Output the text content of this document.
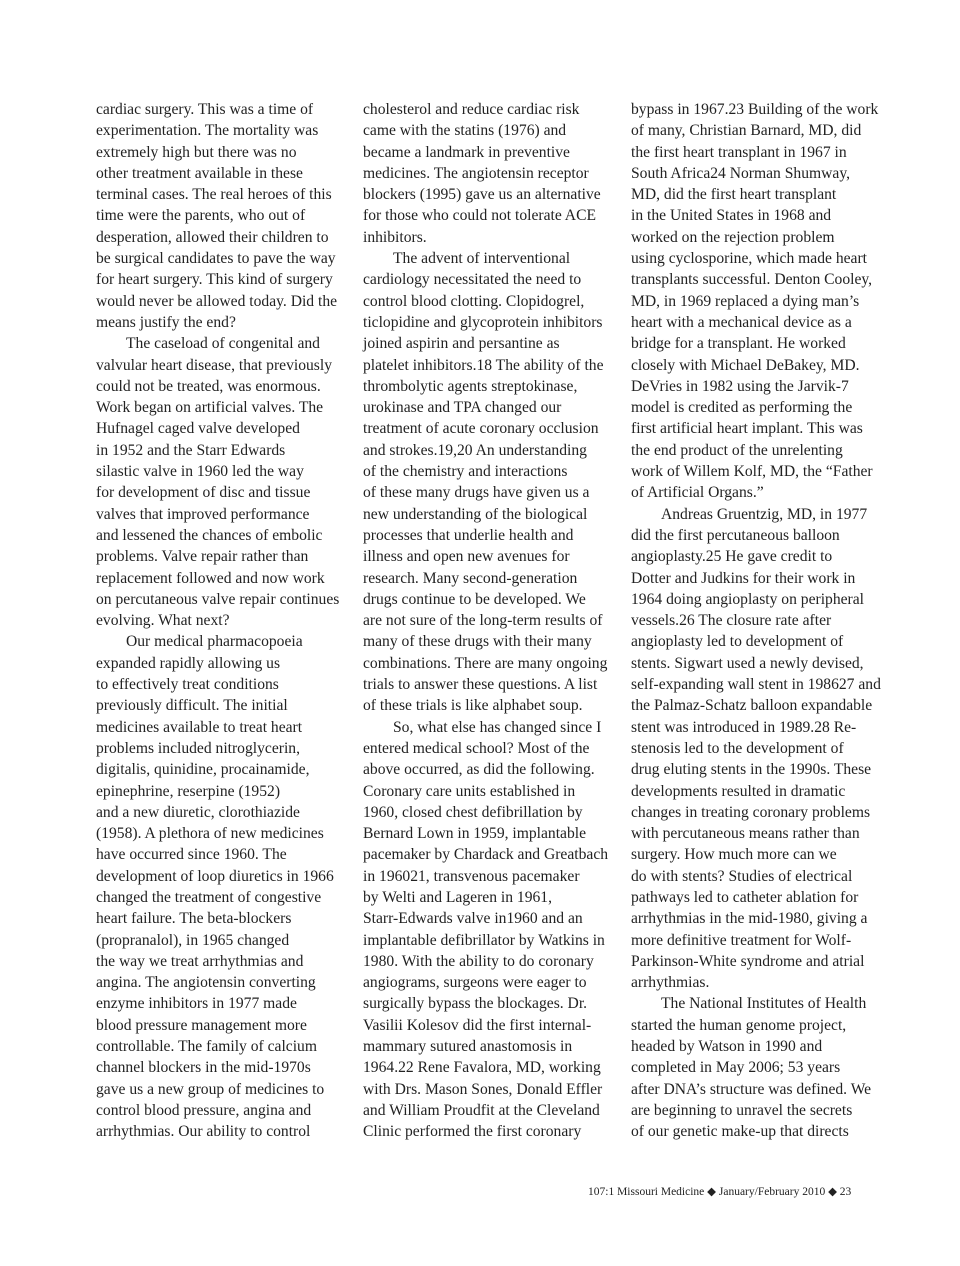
cardiac surgery. This was a time of
experimentation. The mortality was
extremely high but there was no
other treatment available in these
terminal cases. The real heroes of this
time were the parents, who out of
desperation, allowed their children to
be surgical candidates to pave the way
for heart surgery. This kind of surgery
would never be allowed today. Did the
means justify the end?
The caseload of congenital and
valvular heart disease, that previously
could not be treated, was enormous.
Work began on artificial valves. The
Hufnagel caged valve developed
in 1952 and the Starr Edwards
silastic valve in 1960 led the way
for development of disc and tissue
valves that improved performance
and lessened the chances of embolic
problems. Valve repair rather than
replacement followed and now work
on percutaneous valve repair continues
evolving. What next?
Our medical pharmacopoeia
expanded rapidly allowing us
to effectively treat conditions
previously difficult. The initial
medicines available to treat heart
problems included nitroglycerin,
digitalis, quinidine, procainamide,
epinephrine, reserpine (1952)
and a new diuretic, clorothiazide
(1958). A plethora of new medicines
have occurred since 1960. The
development of loop diuretics in 1966
changed the treatment of congestive
heart failure. The beta-blockers
(propranalol), in 1965 changed
the way we treat arrhythmias and
angina. The angiotensin converting
enzyme inhibitors in 1977 made
blood pressure management more
controllable. The family of calcium
channel blockers in the mid-1970s
gave us a new group of medicines to
control blood pressure, angina and
arrhythmias. Our ability to control
cholesterol and reduce cardiac risk
came with the statins (1976) and
became a landmark in preventive
medicines. The angiotensin receptor
blockers (1995) gave us an alternative
for those who could not tolerate ACE
inhibitors.
The advent of interventional
cardiology necessitated the need to
control blood clotting. Clopidogrel,
ticlopidine and glycoprotein inhibitors
joined aspirin and persantine as
platelet inhibitors.18 The ability of the
thrombolytic agents streptokinase,
urokinase and TPA changed our
treatment of acute coronary occlusion
and strokes.19,20 An understanding
of the chemistry and interactions
of these many drugs have given us a
new understanding of the biological
processes that underlie health and
illness and open new avenues for
research. Many second-generation
drugs continue to be developed. We
are not sure of the long-term results of
many of these drugs with their many
combinations. There are many ongoing
trials to answer these questions. A list
of these trials is like alphabet soup.
So, what else has changed since I
entered medical school? Most of the
above occurred, as did the following.
Coronary care units established in
1960, closed chest defibrillation by
Bernard Lown in 1959, implantable
pacemaker by Chardack and Greatbach
in 196021, transvenous pacemaker
by Welti and Lageren in 1961,
Starr-Edwards valve in1960 and an
implantable defibrillator by Watkins in
1980. With the ability to do coronary
angiograms, surgeons were eager to
surgically bypass the blockages. Dr.
Vasilii Kolesov did the first internal-
mammary sutured anastomosis in
1964.22 Rene Favalora, MD, working
with Drs. Mason Sones, Donald Effler
and William Proudfit at the Cleveland
Clinic performed the first coronary
bypass in 1967.23 Building of the work
of many, Christian Barnard, MD, did
the first heart transplant in 1967 in
South Africa24 Norman Shumway,
MD, did the first heart transplant
in the United States in 1968 and
worked on the rejection problem
using cyclosporine, which made heart
transplants successful. Denton Cooley,
MD, in 1969 replaced a dying man’s
heart with a mechanical device as a
bridge for a transplant. He worked
closely with Michael DeBakey, MD.
DeVries in 1982 using the Jarvik-7
model is credited as performing the
first artificial heart implant. This was
the end product of the unrelenting
work of Willem Kolf, MD, the “Father
of Artificial Organs.”
Andreas Gruentzig, MD, in 1977
did the first percutaneous balloon
angioplasty.25 He gave credit to
Dotter and Judkins for their work in
1964 doing angioplasty on peripheral
vessels.26 The closure rate after
angioplasty led to development of
stents. Sigwart used a newly devised,
self-expanding wall stent in 198627 and
the Palmaz-Schatz balloon expandable
stent was introduced in 1989.28 Re-
stenosis led to the development of
drug eluting stents in the 1990s. These
developments resulted in dramatic
changes in treating coronary problems
with percutaneous means rather than
surgery. How much more can we
do with stents? Studies of electrical
pathways led to catheter ablation for
arrhythmias in the mid-1980, giving a
more definitive treatment for Wolf-
Parkinson-White syndrome and atrial
arrhythmias.
The National Institutes of Health
started the human genome project,
headed by Watson in 1990 and
completed in May 2006; 53 years
after DNA’s structure was defined. We
are beginning to unravel the secrets
of our genetic make-up that directs
107:1 Missouri Medicine ◆ January/February 2010 ◆ 23
